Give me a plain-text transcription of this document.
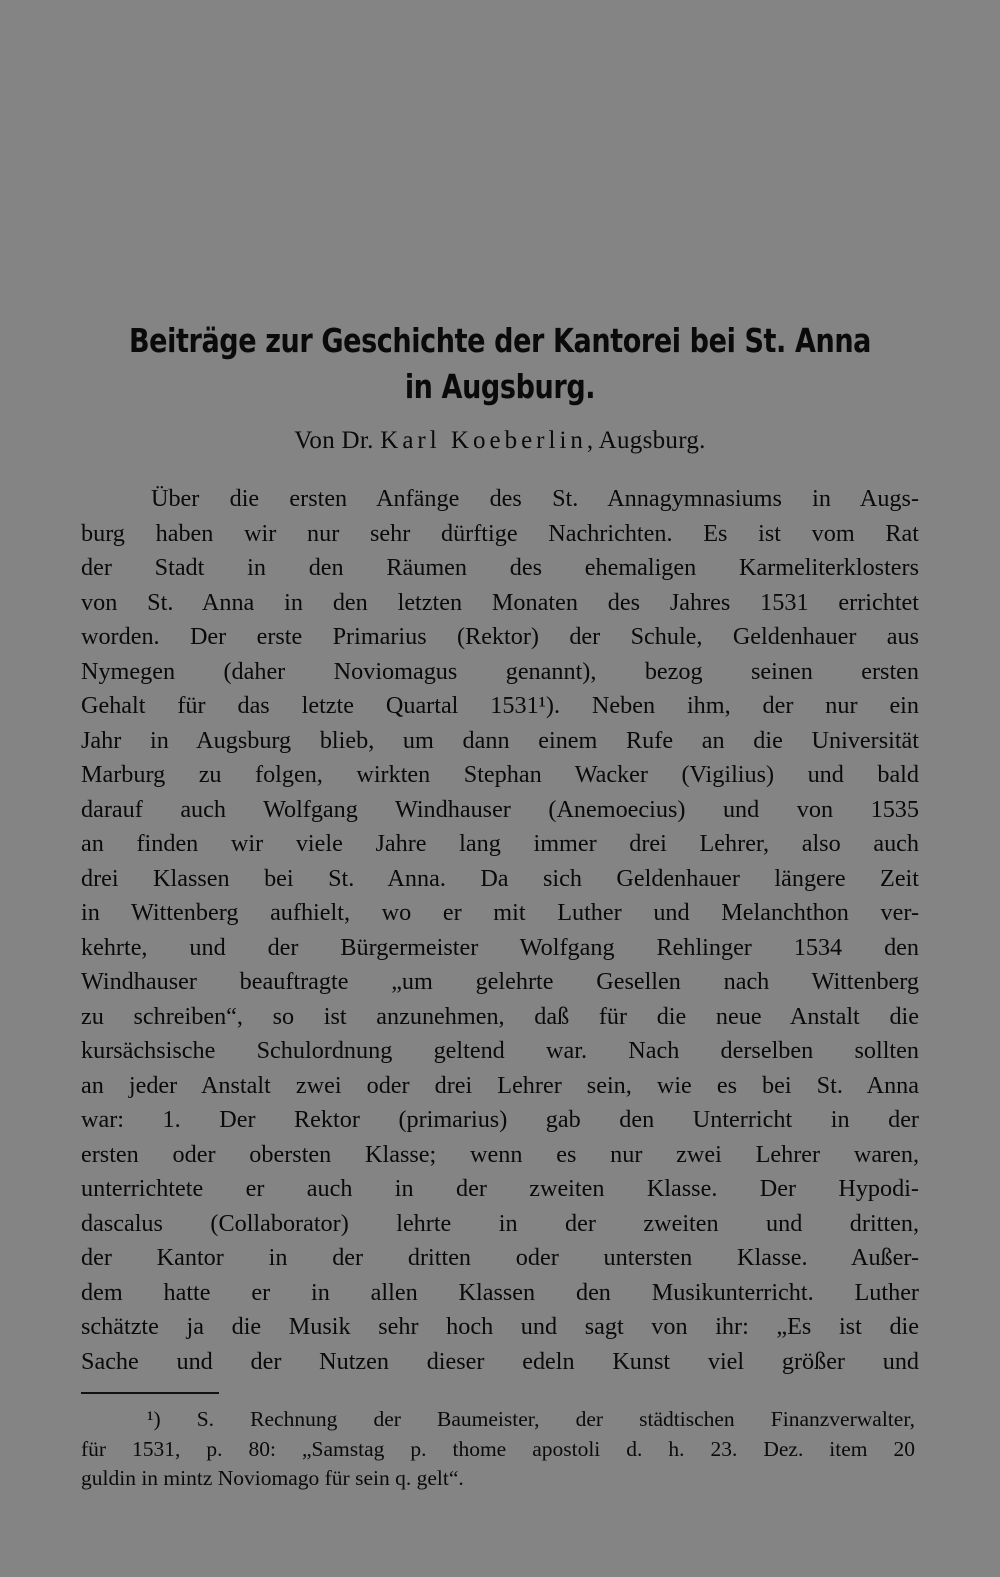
Beiträge zur Geschichte der Kantorei bei St. Anna
in Augsburg.
Von Dr. Karl Koeberlin, Augsburg.
Über die ersten Anfänge des St. Annagymnasiums in Augs-
burg haben wir nur sehr dürftige Nachrichten. Es ist vom Rat
der Stadt in den Räumen des ehemaligen Karmeliterklosters
von St. Anna in den letzten Monaten des Jahres 1531 errichtet
worden. Der erste Primarius (Rektor) der Schule, Geldenhauer aus
Nymegen (daher Noviomagus genannt), bezog seinen ersten
Gehalt für das letzte Quartal 1531¹). Neben ihm, der nur ein
Jahr in Augsburg blieb, um dann einem Rufe an die Universität
Marburg zu folgen, wirkten Stephan Wacker (Vigilius) und bald
darauf auch Wolfgang Windhauser (Anemoecius) und von 1535
an finden wir viele Jahre lang immer drei Lehrer, also auch
drei Klassen bei St. Anna. Da sich Geldenhauer längere Zeit
in Wittenberg aufhielt, wo er mit Luther und Melanchthon ver-
kehrte, und der Bürgermeister Wolfgang Rehlinger 1534 den
Windhauser beauftragte „um gelehrte Gesellen nach Wittenberg
zu schreiben“, so ist anzunehmen, daß für die neue Anstalt die
kursächsische Schulordnung geltend war. Nach derselben sollten
an jeder Anstalt zwei oder drei Lehrer sein, wie es bei St. Anna
war: 1. Der Rektor (primarius) gab den Unterricht in der
ersten oder obersten Klasse; wenn es nur zwei Lehrer waren,
unterrichtete er auch in der zweiten Klasse. Der Hypodi-
dascalus (Collaborator) lehrte in der zweiten und dritten,
der Kantor in der dritten oder untersten Klasse. Außer-
dem hatte er in allen Klassen den Musikunterricht. Luther
schätzte ja die Musik sehr hoch und sagt von ihr: „Es ist die
Sache und der Nutzen dieser edeln Kunst viel größer und
¹) S. Rechnung der Baumeister, der städtischen Finanzverwalter,
für 1531, p. 80: „Samstag p. thome apostoli d. h. 23. Dez. item 20
guldin in mintz Noviomago für sein q. gelt“.
